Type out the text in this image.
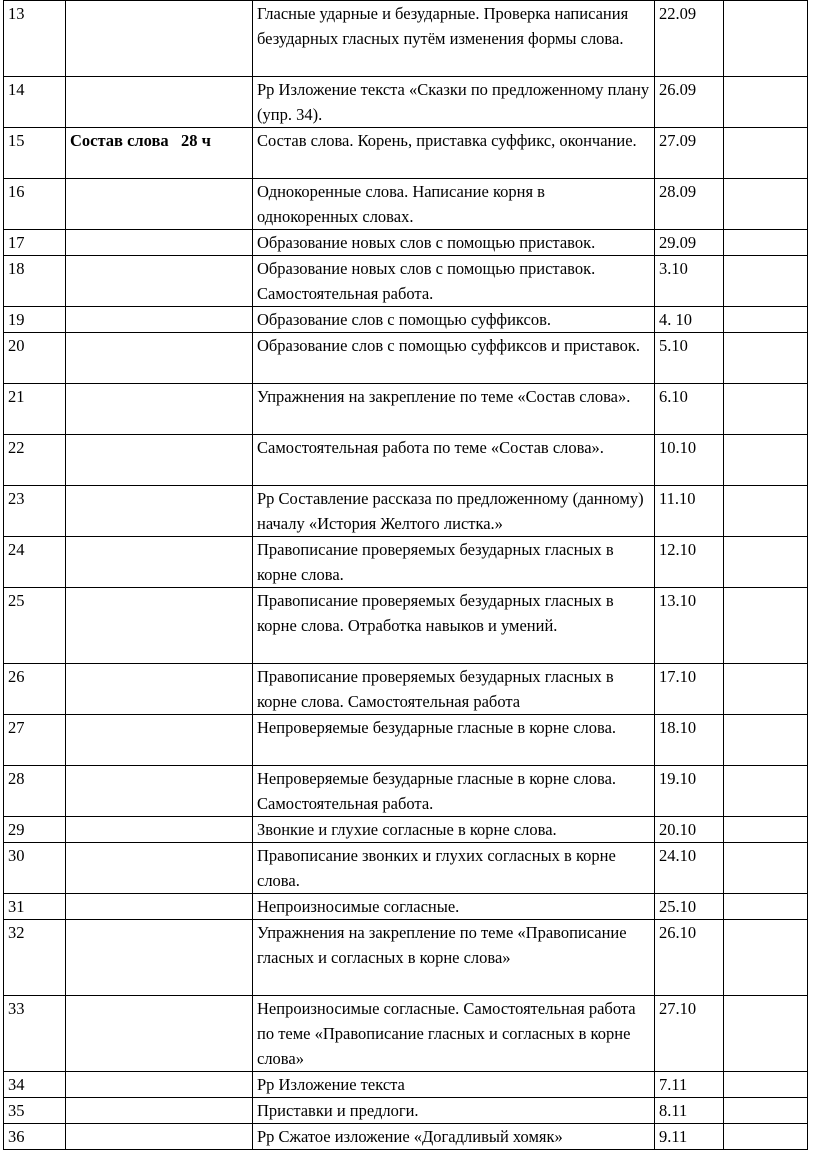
13		Гласные ударные и безударные. Проверка написания безударных гласных путём изменения формы слова.	22.09	
14		Рр Изложение текста «Сказки по предложенному плану (упр. 34).	26.09	
15	Состав слова 28 ч	Состав слова. Корень, приставка суффикс, окончание.	27.09	
16		Однокоренные слова. Написание корня в однокоренных словах.	28.09	
17		Образование новых слов с помощью приставок.	29.09	
18		Образование новых слов с помощью приставок. Самостоятельная работа.	3.10	
19		Образование слов с помощью суффиксов.	4. 10	
20		Образование слов с помощью суффиксов и приставок.	5.10	
21		Упражнения на закрепление по теме «Состав слова».	6.10	
22		Самостоятельная работа по теме «Состав слова».	10.10	
23		Рр Составление рассказа по предложенному (данному) началу «История Желтого листка.»	11.10	
24		Правописание проверяемых безударных гласных в корне слова.	12.10	
25		Правописание проверяемых безударных гласных в корне слова. Отработка навыков и умений.	13.10	
26		Правописание проверяемых безударных гласных в корне слова. Самостоятельная работа	17.10	
27		Непроверяемые безударные гласные в корне слова.	18.10	
28		Непроверяемые безударные гласные в корне слова. Самостоятельная работа.	19.10	
29		Звонкие и глухие согласные в корне слова.	20.10	
30		Правописание звонких и глухих согласных в корне слова.	24.10	
31		Непроизносимые согласные.	25.10	
32		Упражнения на закрепление по теме «Правописание гласных и согласных в корне слова»	26.10	
33		Непроизносимые согласные. Самостоятельная работа по теме «Правописание гласных и согласных в корне слова»	27.10	
34		Рр Изложение текста	7.11	
35		Приставки и предлоги.	8.11	
36		Рр Сжатое изложение «Догадливый хомяк»	9.11	
